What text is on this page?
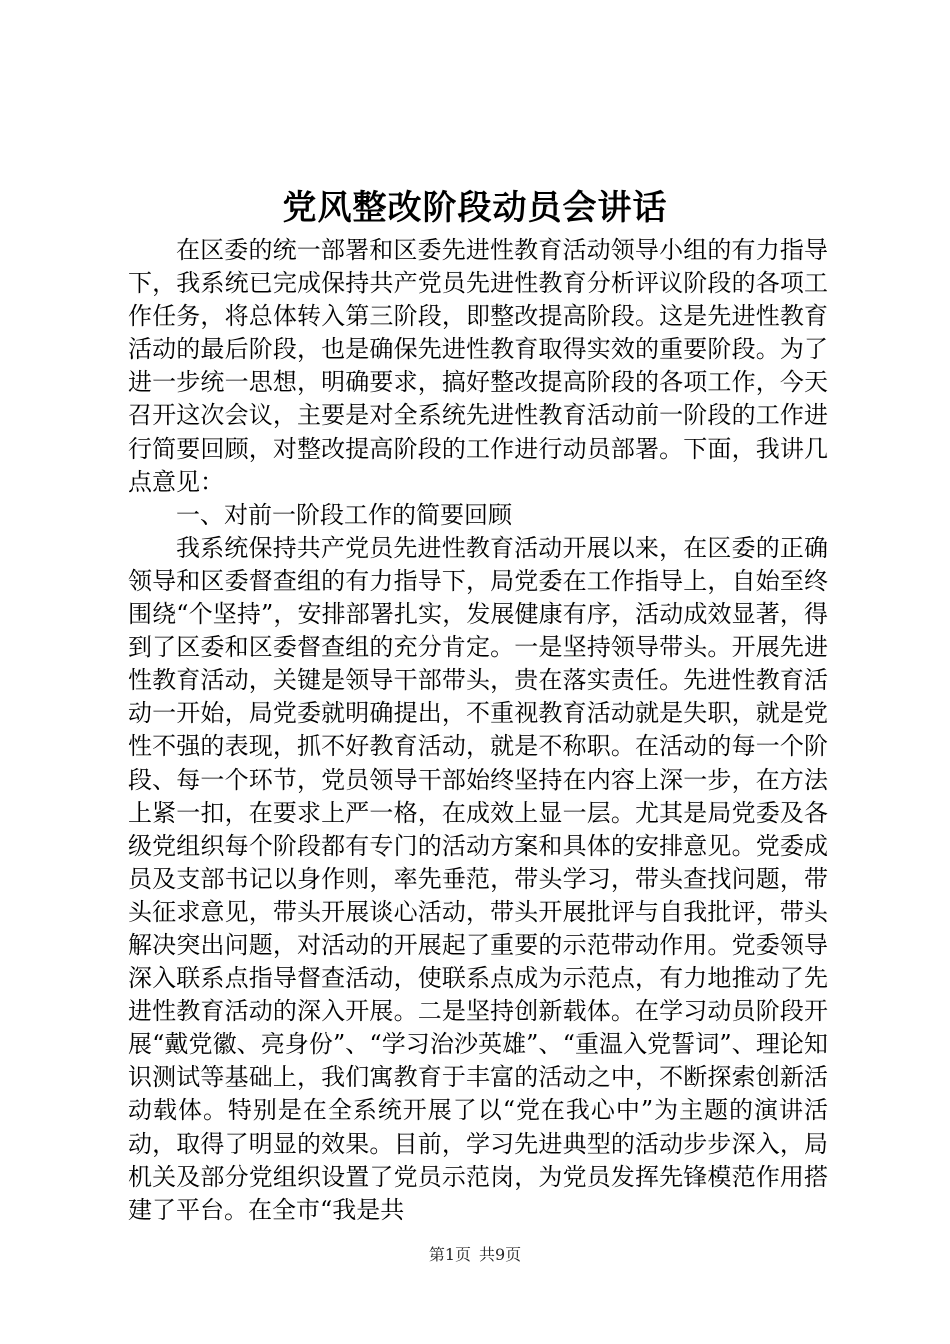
党风整改阶段动员会讲话

在区委的统一部署和区委先进性教育活动领导小组的有力指导下，我系统已完成保持共产党员先进性教育分析评议阶段的各项工作任务，将总体转入第三阶段，即整改提高阶段。这是先进性教育活动的最后阶段，也是确保先进性教育取得实效的重要阶段。为了进一步统一思想，明确要求，搞好整改提高阶段的各项工作，今天召开这次会议，主要是对全系统先进性教育活动前一阶段的工作进行简要回顾，对整改提高阶段的工作进行动员部署。下面，我讲几点意见：

一、对前一阶段工作的简要回顾

我系统保持共产党员先进性教育活动开展以来，在区委的正确领导和区委督查组的有力指导下，局党委在工作指导上，自始至终围绕“个坚持”，安排部署扎实，发展健康有序，活动成效显著，得到了区委和区委督查组的充分肯定。一是坚持领导带头。开展先进性教育活动，关键是领导干部带头，贵在落实责任。先进性教育活动一开始，局党委就明确提出，不重视教育活动就是失职，就是党性不强的表现，抓不好教育活动，就是不称职。在活动的每一个阶段、每一个环节，党员领导干部始终坚持在内容上深一步，在方法上紧一扣，在要求上严一格，在成效上显一层。尤其是局党委及各级党组织每个阶段都有专门的活动方案和具体的安排意见。党委成员及支部书记以身作则，率先垂范，带头学习，带头查找问题，带头征求意见，带头开展谈心活动，带头开展批评与自我批评，带头解决突出问题，对活动的开展起了重要的示范带动作用。党委领导深入联系点指导督查活动，使联系点成为示范点，有力地推动了先进性教育活动的深入开展。二是坚持创新载体。在学习动员阶段开展“戴党徽、亮身份”、“学习治沙英雄”、“重温入党誓词”、理论知识测试等基础上，我们寓教育于丰富的活动之中，不断探索创新活动载体。特别是在全系统开展了以“党在我心中”为主题的演讲活动，取得了明显的效果。目前，学习先进典型的活动步步深入，局机关及部分党组织设置了党员示范岗，为党员发挥先锋模范作用搭建了平台。在全市“我是共

第1页 共9页
